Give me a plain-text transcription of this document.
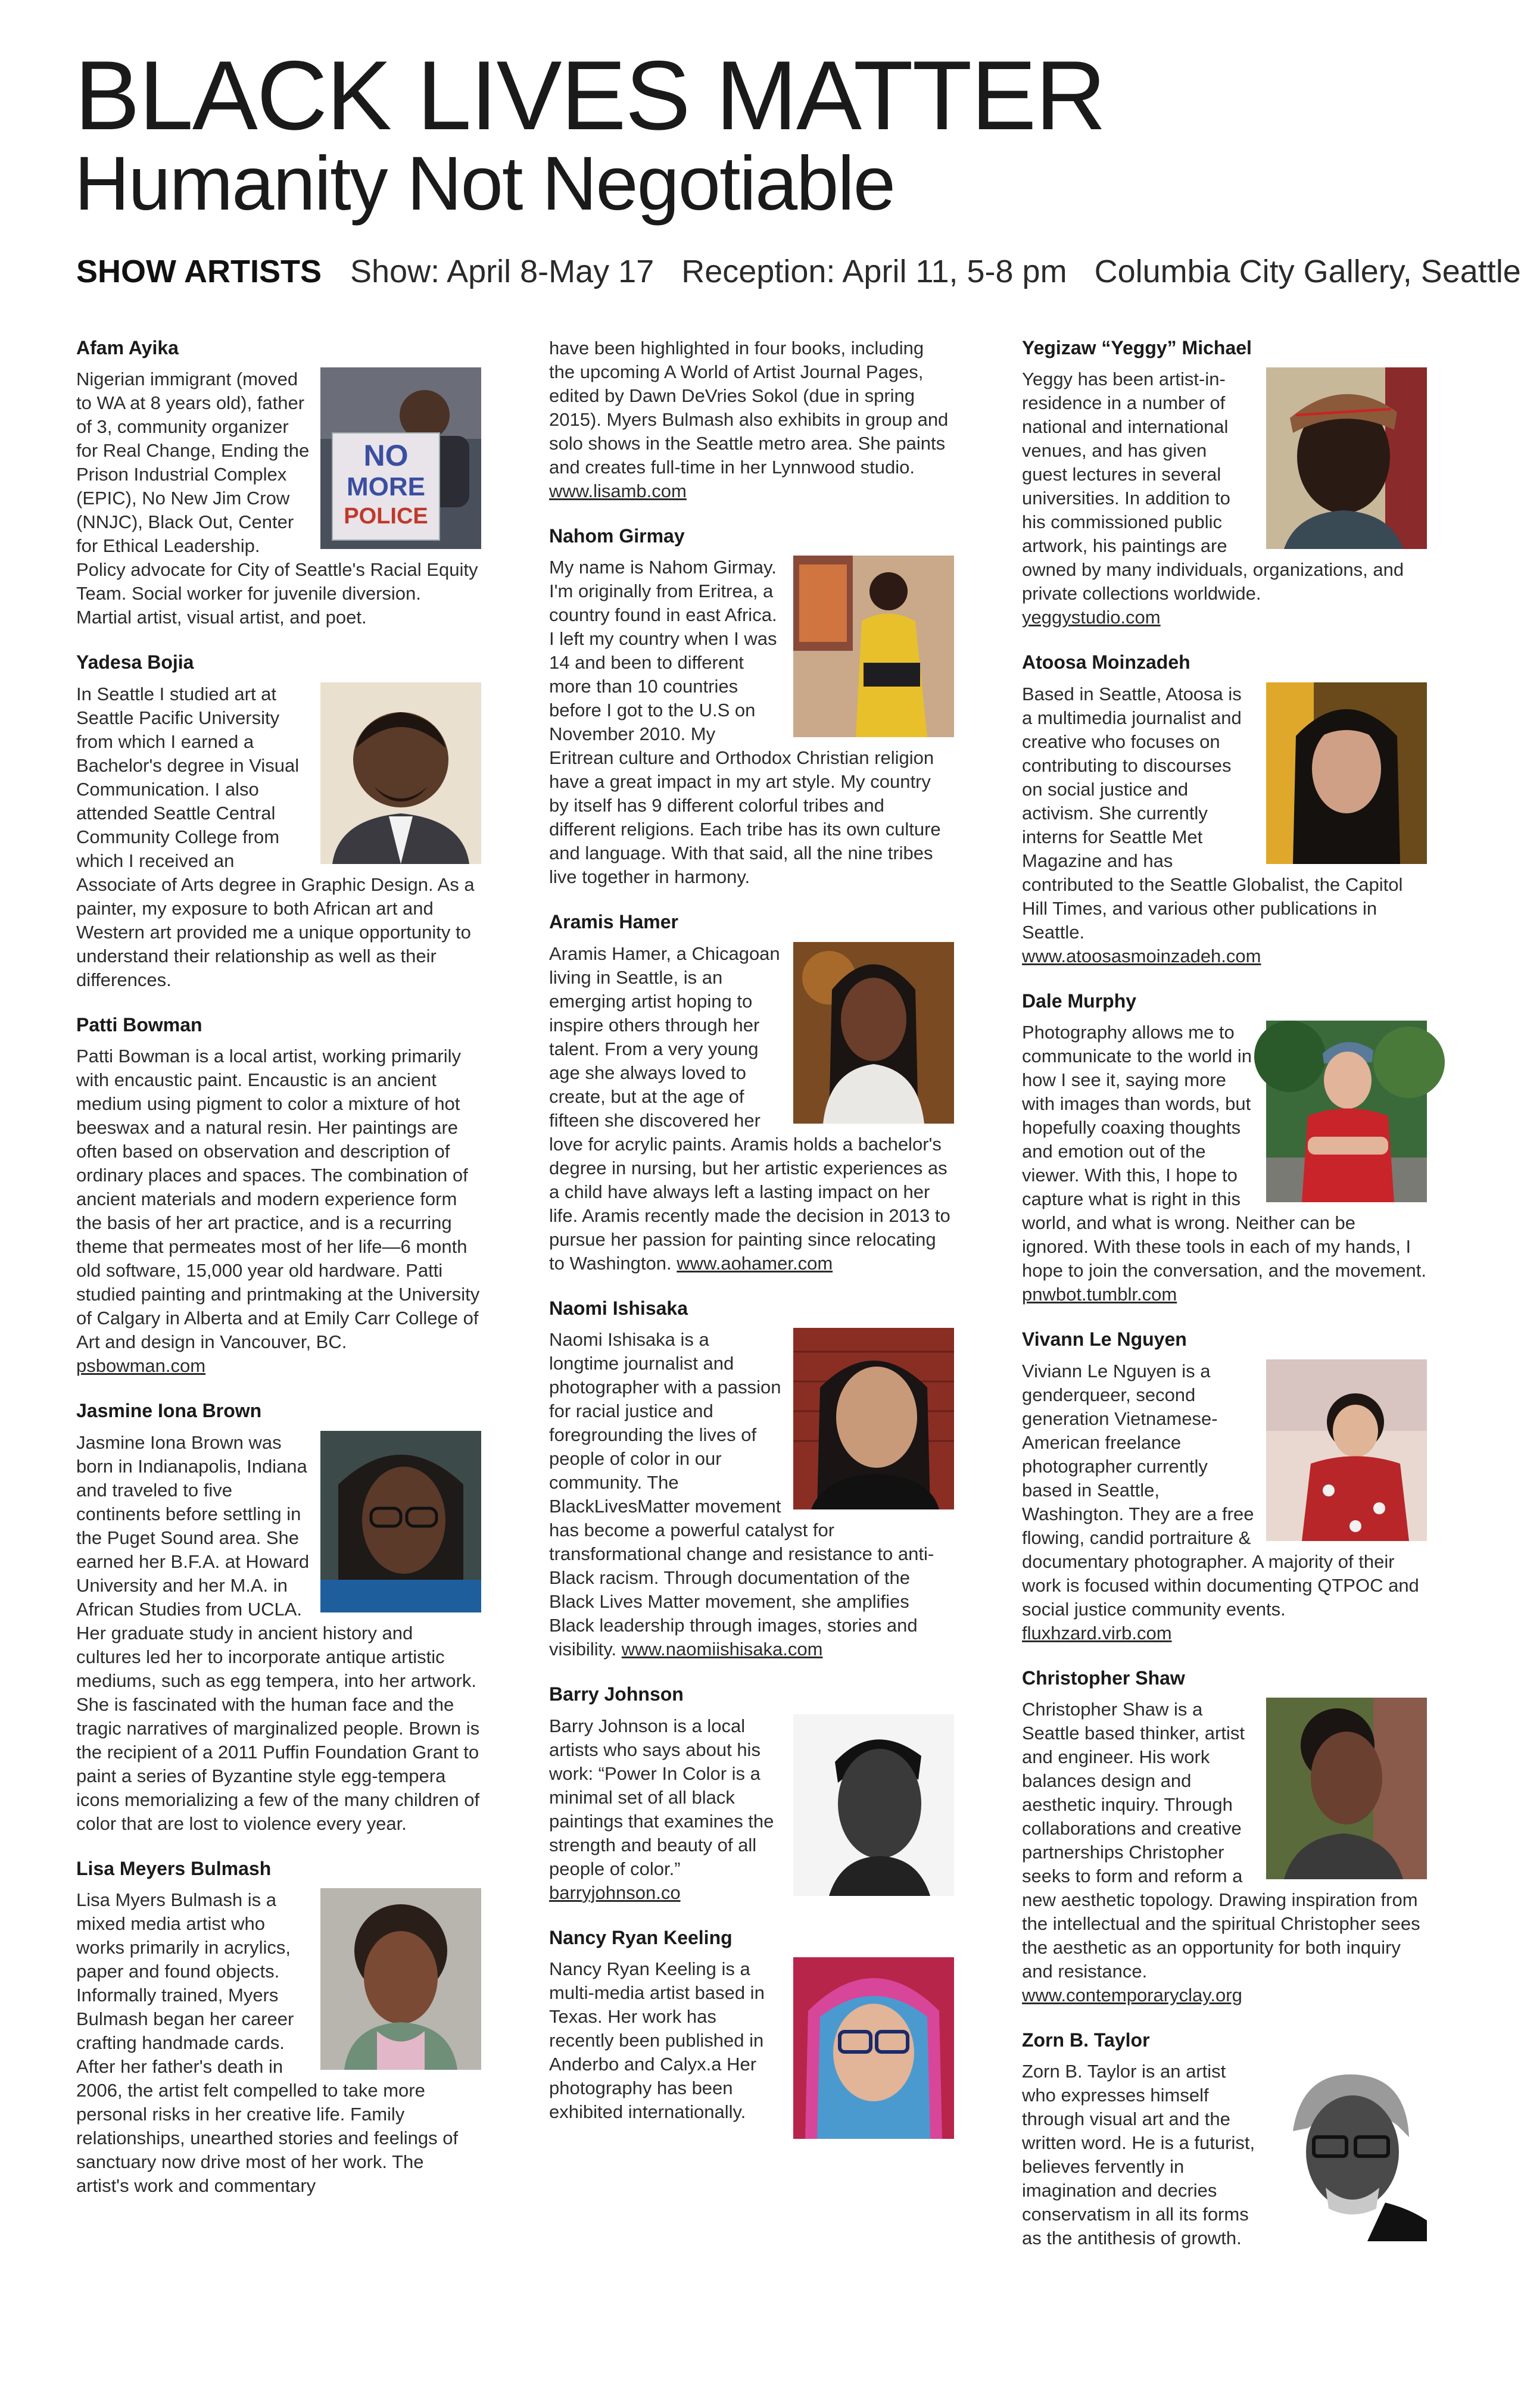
BLACK LIVES MATTER
Humanity Not Negotiable
SHOW ARTISTS Show: April 8-May 17 Reception: April 11, 5-8 pm Columbia City Gallery, Seattle
Afam Ayika
NO
MORE
POLICE

Nigerian immigrant (moved to WA at 8 years old), father of 3, community organizer for Real Change, Ending the Prison Industrial Complex (EPIC), No New Jim Crow (NNJC), Black Out, Center for Ethical Leadership. Policy advocate for City of Seattle's Racial Equity Team. Social worker for juvenile diversion. Martial artist, visual artist, and poet.

Yadesa Bojia

In Seattle I studied art at Seattle Pacific University from which I earned a Bachelor's degree in Visual Communication. I also attended Seattle Central Community College from which I received an Associate of Arts degree in Graphic Design. As a painter, my exposure to both African art and Western art provided me a unique opportunity to understand their relationship as well as their differences.

Patti Bowman

Patti Bowman is a local artist, working primarily with encaustic paint. Encaustic is an ancient medium using pigment to color a mixture of hot beeswax and a natural resin. Her paintings are often based on observation and description of ordinary places and spaces. The combination of ancient materials and modern experience form the basis of her art practice, and is a recurring theme that permeates most of her life—6 month old software, 15,000 year old hardware. Patti studied painting and printmaking at the University of Calgary in Alberta and at Emily Carr College of Art and design in Vancouver, BC. psbowman.com

Jasmine Iona Brown

Jasmine Iona Brown was born in Indianapolis, Indiana and traveled to five continents before settling in the Puget Sound area. She earned her B.F.A. at Howard University and her M.A. in African Studies from UCLA. Her graduate study in ancient history and cultures led her to incorporate antique artistic mediums, such as egg tempera, into her artwork. She is fascinated with the human face and the tragic narratives of marginalized people. Brown is the recipient of a 2011 Puffin Foundation Grant to paint a series of Byzantine style egg-tempera icons memorializing a few of the many children of color that are lost to violence every year.

Lisa Meyers Bulmash

Lisa Myers Bulmash is a mixed media artist who works primarily in acrylics, paper and found objects. Informally trained, Myers Bulmash began her career crafting handmade cards. After her father's death in 2006, the artist felt compelled to take more personal risks in her creative life. Family relationships, unearthed stories and feelings of sanctuary now drive most of her work. The artist's work and commentary

have been highlighted in four books, including the upcoming A World of Artist Journal Pages, edited by Dawn DeVries Sokol (due in spring 2015). Myers Bulmash also exhibits in group and solo shows in the Seattle metro area. She paints and creates full-time in her Lynnwood studio. www.lisamb.com

Nahom Girmay

My name is Nahom Girmay. I'm originally from Eritrea, a country found in east Africa. I left my country when I was 14 and been to different more than 10 countries before I got to the U.S on November 2010. My Eritrean culture and Orthodox Christian religion have a great impact in my art style. My country by itself has 9 different colorful tribes and different religions. Each tribe has its own culture and language. With that said, all the nine tribes live together in harmony.

Aramis Hamer

Aramis Hamer, a Chicagoan living in Seattle, is an emerging artist hoping to inspire others through her talent. From a very young age she always loved to create, but at the age of fifteen she discovered her love for acrylic paints. Aramis holds a bachelor's degree in nursing, but her artistic experiences as a child have always left a lasting impact on her life. Aramis recently made the decision in 2013 to pursue her passion for painting since relocating to Washington. www.aohamer.com

Naomi Ishisaka

Naomi Ishisaka is a longtime journalist and photographer with a passion for racial justice and foregrounding the lives of people of color in our community. The BlackLivesMatter movement has become a powerful catalyst for transformational change and resistance to anti-Black racism. Through documentation of the Black Lives Matter movement, she amplifies Black leadership through images, stories and visibility. www.naomiishisaka.com

Barry Johnson

Barry Johnson is a local artists who says about his work: “Power In Color is a minimal set of all black paintings that examines the strength and beauty of all people of color.”
barryjohnson.co

Nancy Ryan Keeling

Nancy Ryan Keeling is a multi-media artist based in Texas. Her work has recently been published in Anderbo and Calyx.a Her photography has been exhibited internationally.

Yegizaw “Yeggy” Michael

Yeggy has been artist-in-residence in a number of national and international venues, and has given guest lectures in several universities. In addition to his commissioned public artwork, his paintings are owned by many individuals, organizations, and private collections worldwide.
yeggystudio.com

Atoosa Moinzadeh

Based in Seattle, Atoosa is a multimedia journalist and creative who focuses on contributing to discourses on social justice and activism. She currently interns for Seattle Met Magazine and has contributed to the Seattle Globalist, the Capitol Hill Times, and various other publications in Seattle.
www.atoosasmoinzadeh.com

Dale Murphy

Photography allows me to communicate to the world in how I see it, saying more with images than words, but hopefully coaxing thoughts and emotion out of the viewer. With this, I hope to capture what is right in this world, and what is wrong. Neither can be ignored. With these tools in each of my hands, I hope to join the conversation, and the movement. pnwbot.tumblr.com

Vivann Le Nguyen

Viviann Le Nguyen is a genderqueer, second generation Vietnamese-American freelance photographer currently based in Seattle, Washington. They are a free flowing, candid portraiture & documentary photographer. A majority of their work is focused within documenting QTPOC and social justice community events.
fluxhzard.virb.com

Christopher Shaw

Christopher Shaw is a Seattle based thinker, artist and engineer. His work balances design and aesthetic inquiry. Through collaborations and creative partnerships Christopher seeks to form and reform a new aesthetic topology. Drawing inspiration from the intellectual and the spiritual Christopher sees the aesthetic as an opportunity for both inquiry and resistance.
www.contemporaryclay.org

Zorn B. Taylor

Zorn B. Taylor is an artist who expresses himself through visual art and the written word. He is a futurist, believes fervently in imagination and decries conservatism in all its forms as the antithesis of growth.
